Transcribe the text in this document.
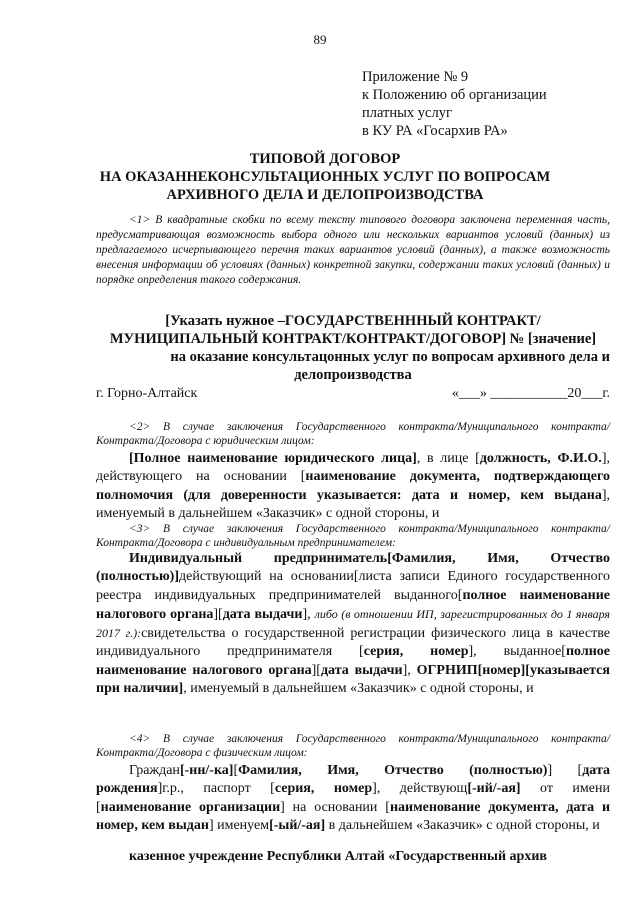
89
Приложение № 9
к Положению об организации
платных услуг
в КУ РА «Госархив РА»
ТИПОВОЙ ДОГОВОР
НА ОКАЗАННЕКОНСУЛЬТАЦИОННЫХ УСЛУГ ПО ВОПРОСАМ
АРХИВНОГО ДЕЛА И ДЕЛОПРОИЗВОДСТВА

<1> В квадратные скобки по всему тексту типового договора заключена переменная часть, предусматривающая возможность выбора одного или нескольких вариантов условий (данных) из предлагаемого исчерпывающего перечня таких вариантов условий (данных), а также возможность внесения информации об условиях (данных) конкретной закупки, содержании таких условий (данных) и порядке определения такого содержания.

[Указать нужное –ГОСУДАРСТВЕНННЫЙ КОНТРАКТ/
МУНИЦИПАЛЬНЫЙ КОНТРАКТ/КОНТРАКТ/ДОГОВОР] № [значение]
на оказание консультацонных услуг по вопросам архивного дела и
делопроизводства
г. Горно-Алтайск	«___» ___________20___г.

<2> В случае заключения Государственного контракта/Муниципального контракта/Контракта/Договора с юридическим лицом:

[Полное наименование юридического лица], в лице [должность, Ф.И.О.], действующего на основании [наименование документа, подтверждающего полномочия (для доверенности указывается: дата и номер, кем выдана], именуемый в дальнейшем «Заказчик» с одной стороны, и

<3> В случае заключения Государственного контракта/Муниципального контракта/Контракта/Договора с индивидуальным предпринимателем:

Индивидуальный предприниматель[Фамилия, Имя, Отчество (полностью)]действующий на основании[листа записи Единого государственного реестра индивидуальных предпринимателей выданного[полное наименование налогового органа][дата выдачи], либо (в отношении ИП, зарегистрированных до 1 января 2017 г.):свидетельства о государственной регистрации физического лица в качестве индивидуального предпринимателя [серия, номер], выданное[полное наименование налогового органа][дата выдачи], ОГРНИП[номер][указывается при наличии], именуемый в дальнейшем «Заказчик» с одной стороны, и

<4> В случае заключения Государственного контракта/Муниципального контракта/Контракта/Договора с физическим лицом:

Граждан[-нн/-ка][Фамилия, Имя, Отчество (полностью)] [дата рождения]г.р., паспорт [серия, номер], действующ[-ий/-ая] от имени [наименование организации] на основании [наименование документа, дата и номер, кем выдан] именуем[-ый/-ая] в дальнейшем «Заказчик» с одной стороны, и

казенное учреждение Республики Алтай «Государственный архив
